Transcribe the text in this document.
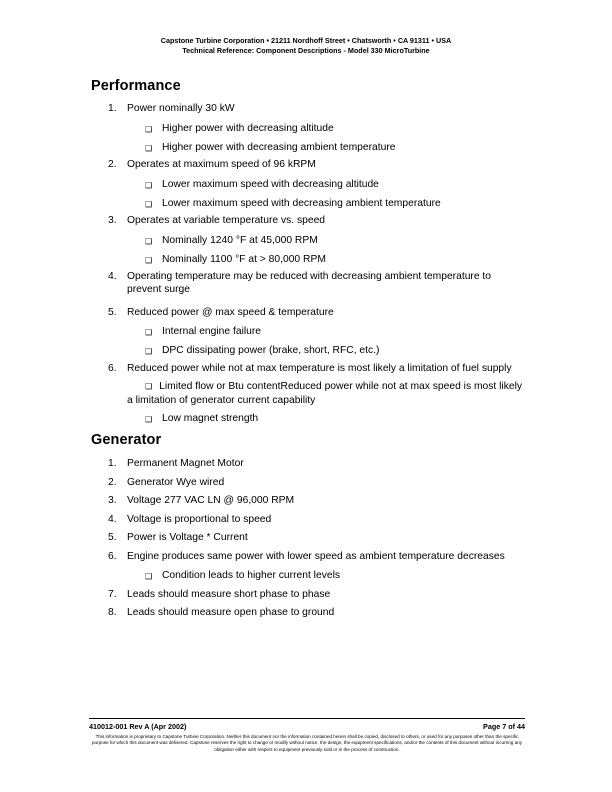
Capstone Turbine Corporation • 21211 Nordhoff Street • Chatsworth • CA 91311 • USA
Technical Reference: Component Descriptions - Model 330 MicroTurbine
Performance
1. Power nominally 30 kW
❑ Higher power with decreasing altitude
❑ Higher power with decreasing ambient temperature
2. Operates at maximum speed of 96 kRPM
❑ Lower maximum speed with decreasing altitude
❑ Lower maximum speed with decreasing ambient temperature
3. Operates at variable temperature vs. speed
❑ Nominally 1240 °F at 45,000 RPM
❑ Nominally 1100 °F at > 80,000 RPM
4. Operating temperature may be reduced with decreasing ambient temperature to prevent surge
5. Reduced power @ max speed & temperature
❑ Internal engine failure
❑ DPC dissipating power (brake, short, RFC, etc.)
6. Reduced power while not at max temperature is most likely a limitation of fuel supply
❑ Limited flow or Btu contentReduced power while not at max speed is most likely a limitation of generator current capability
❑ Low magnet strength
Generator
1. Permanent Magnet Motor
2. Generator Wye wired
3. Voltage 277 VAC LN @ 96,000 RPM
4. Voltage is proportional to speed
5. Power is Voltage * Current
6. Engine produces same power with lower speed as ambient temperature decreases
❑ Condition leads to higher current levels
7. Leads should measure short phase to phase
8. Leads should measure open phase to ground
410012-001 Rev A (Apr 2002)	Page 7 of 44
This information is proprietary to Capstone Turbine Corporation. Neither this document nor the information contained herein shall be copied, disclosed to others, or used for any purposes other than the specific purpose for which this document was delivered. Capstone reserves the right to change or modify without notice, the design, the equipment specifications, and/or the contents of this document without incurring any obligation either with respect to equipment previously sold or in the process of construction.
